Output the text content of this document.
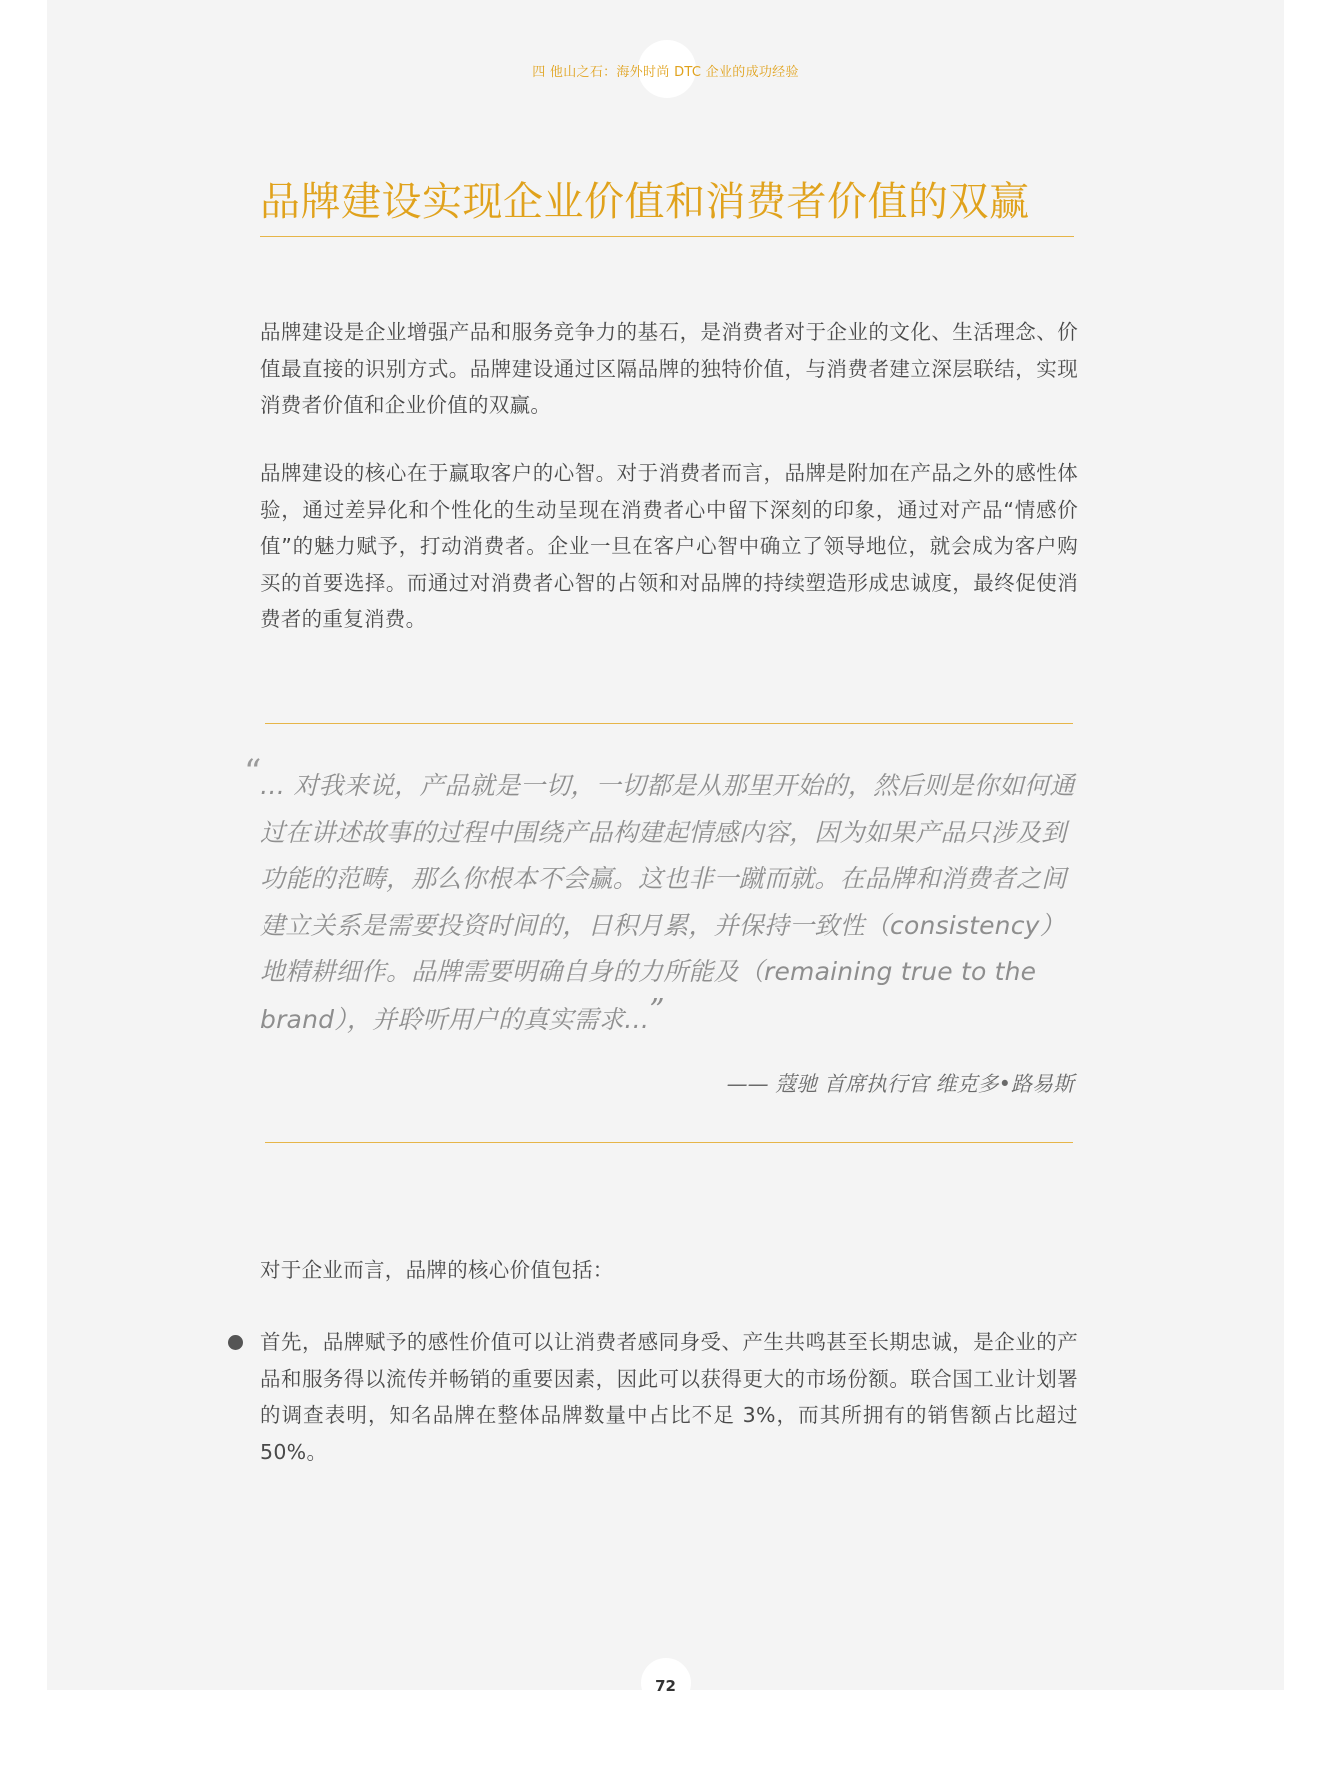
四 他山之石：海外时尚 DTC 企业的成功经验
品牌建设实现企业价值和消费者价值的双赢

品牌建设是企业增强产品和服务竞争力的基石，是消费者对于企业的文化、生活理念、价值最直接的识别方式。品牌建设通过区隔品牌的独特价值，与消费者建立深层联结，实现消费者价值和企业价值的双赢。

品牌建设的核心在于赢取客户的心智。对于消费者而言，品牌是附加在产品之外的感性体验，通过差异化和个性化的生动呈现在消费者心中留下深刻的印象，通过对产品“情感价值”的魅力赋予，打动消费者。企业一旦在客户心智中确立了领导地位，就会成为客户购买的首要选择。而通过对消费者心智的占领和对品牌的持续塑造形成忠诚度，最终促使消费者的重复消费。

“

… 对我来说，产品就是一切，一切都是从那里开始的，然后则是你如何通过在讲述故事的过程中围绕产品构建起情感内容，因为如果产品只涉及到功能的范畴，那么你根本不会赢。这也非一蹴而就。在品牌和消费者之间建立关系是需要投资时间的，日积月累，并保持一致性（consistency）地精耕细作。品牌需要明确自身的力所能及（remaining true to the brand），并聆听用户的真实需求…”

—— 蔻驰 首席执行官 维克多•路易斯

对于企业而言，品牌的核心价值包括：

首先，品牌赋予的感性价值可以让消费者感同身受、产生共鸣甚至长期忠诚，是企业的产品和服务得以流传并畅销的重要因素，因此可以获得更大的市场份额。联合国工业计划署的调查表明，知名品牌在整体品牌数量中占比不足 3%，而其所拥有的销售额占比超过 50%。

72
